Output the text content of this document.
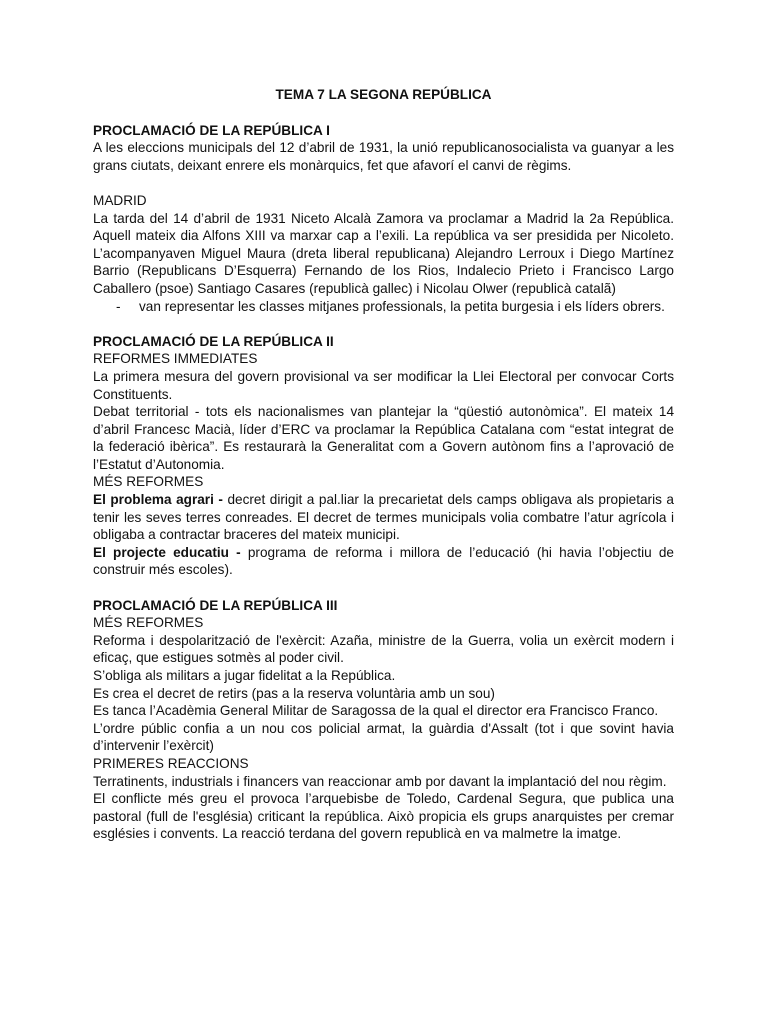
TEMA 7 LA SEGONA REPÚBLICA
PROCLAMACIÓ DE LA REPÚBLICA I

A les eleccions municipals del 12 d’abril de 1931, la unió republicanosocialista va guanyar a les grans ciutats, deixant enrere els monàrquics, fet que afavorí el canvi de règims.

MADRID

La tarda del 14 d’abril de 1931 Niceto Alcalà Zamora va proclamar a Madrid la 2a República. Aquell mateix dia Alfons XIII va marxar cap a l’exili. La república va ser presidida per Nicoleto. L’acompanyaven Miguel Maura (dreta liberal republicana) Alejandro Lerroux i Diego Martínez Barrio (Republicans D’Esquerra) Fernando de los Rios, Indalecio Prieto i Francisco Largo Caballero (psoe) Santiago Casares (republicà gallec) i Nicolau Olwer (republicà catalã)

- van representar les classes mitjanes professionals, la petita burgesia i els líders obrers.
PROCLAMACIÓ DE LA REPÚBLICA II
REFORMES IMMEDIATES

La primera mesura del govern provisional va ser modificar la Llei Electoral per convocar Corts Constituents.

Debat territorial - tots els nacionalismes van plantejar la “qüestió autonòmica”. El mateix 14 d’abril Francesc Macià, líder d’ERC va proclamar la República Catalana com “estat integrat de la federació ibèrica”. Es restaurarà la Generalitat com a Govern autònom fins a l’aprovació de l’Estatut d’Autonomia.

MÉS REFORMES

El problema agrari - decret dirigit a pal.liar la precarietat dels camps obligava als propietaris a tenir les seves terres conreades. El decret de termes municipals volia combatre l’atur agrícola i obligaba a contractar braceres del mateix municipi.

El projecte educatiu - programa de reforma i millora de l’educació (hi havia l’objectiu de construir més escoles).

PROCLAMACIÓ DE LA REPÚBLICA III
MÉS REFORMES

Reforma i despolarització de l'exèrcit: Azaña, ministre de la Guerra, volia un exèrcit modern i eficaç, que estigues sotmès al poder civil.

S’obliga als militars a jugar fidelitat a la República.

Es crea el decret de retirs (pas a la reserva voluntària amb un sou)

Es tanca l’Acadèmia General Militar de Saragossa de la qual el director era Francisco Franco.

L’ordre públic confia a un nou cos policial armat, la guàrdia d'Assalt (tot i que sovint havia d’intervenir l’exèrcit)

PRIMERES REACCIONS

Terratinents, industrials i financers van reaccionar amb por davant la implantació del nou règim.

El conflicte més greu el provoca l’arquebisbe de Toledo, Cardenal Segura, que publica una pastoral (full de l'església) criticant la república. Això propicia els grups anarquistes per cremar esglésies i convents. La reacció terdana del govern republicà en va malmetre la imatge.
